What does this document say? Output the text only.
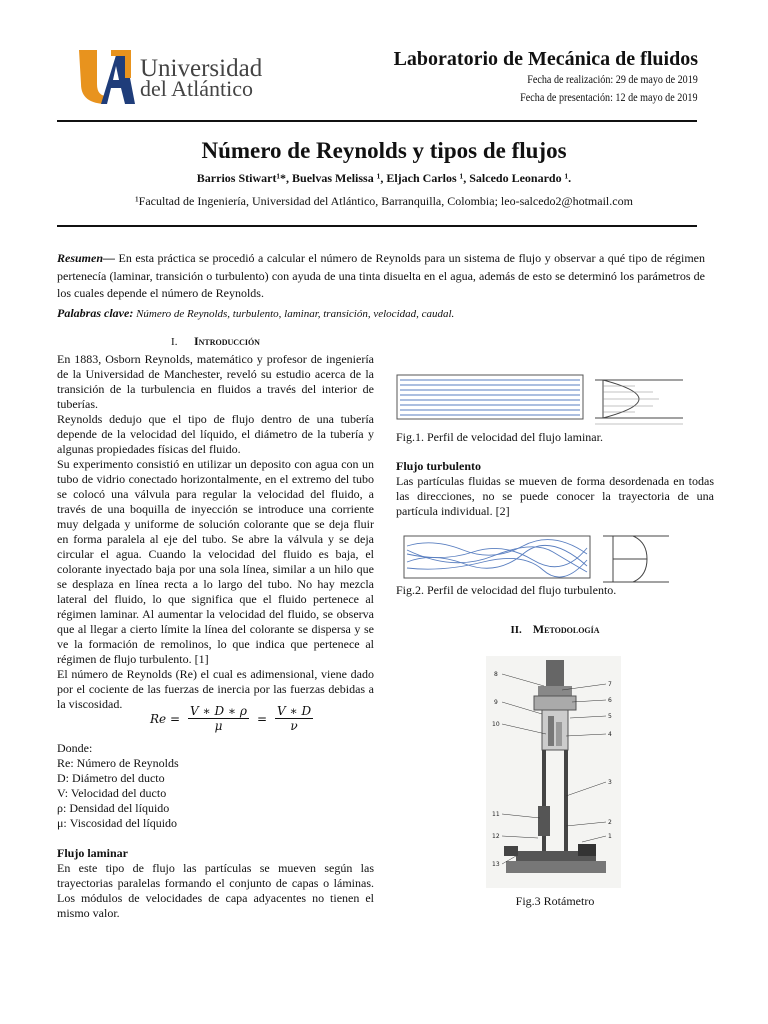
Universidad
del Atlántico
Laboratorio de Mecánica de fluidos
Fecha de realización: 29 de mayo de 2019
Fecha de presentación: 12 de mayo de 2019
Número de Reynolds y tipos de flujos
Barrios Stiwart¹*, Buelvas Melissa ¹, Eljach Carlos ¹, Salcedo Leonardo ¹.
¹Facultad de Ingeniería, Universidad del Atlántico, Barranquilla, Colombia; leo-salcedo2@hotmail.com
Resumen— En esta práctica se procedió a calcular el número de Reynolds para un sistema de flujo y observar a qué tipo de régimen pertenecía (laminar, transición o turbulento) con ayuda de una tinta disuelta en el agua, además de esto se determinó los parámetros de los cuales depende el número de Reynolds.
Palabras clave: Número de Reynolds, turbulento, laminar, transición, velocidad, caudal.
I. Introducción

En 1883, Osborn Reynolds, matemático y profesor de ingeniería de la Universidad de Manchester, reveló su estudio acerca de la transición de la turbulencia en fluidos a través del interior de tuberías.

Reynolds dedujo que el tipo de flujo dentro de una tubería depende de la velocidad del líquido, el diámetro de la tubería y algunas propiedades físicas del fluido.

Su experimento consistió en utilizar un deposito con agua con un tubo de vidrio conectado horizontalmente, en el extremo del tubo se colocó una válvula para regular la velocidad del fluido, a través de una boquilla de inyección se introduce una corriente muy delgada y uniforme de solución colorante que se deja fluir en forma paralela al eje del tubo. Se abre la válvula y se deja circular el agua. Cuando la velocidad del fluido es baja, el colorante inyectado baja por una sola línea, similar a un hilo que se desplaza en línea recta a lo largo del tubo. No hay mezcla lateral del fluido, lo que significa que el fluido pertenece al régimen laminar. Al aumentar la velocidad del fluido, se observa que al llegar a cierto límite la línea del colorante se dispersa y se ve la formación de remolinos, lo que indica que pertenece al régimen de flujo turbulento. [1]

El número de Reynolds (Re) el cual es adimensional, viene dado por el cociente de las fuerzas de inercia por las fuerzas debidas a la viscosidad.

$Re = \frac{V ∗ D ∗ \rho}{\mu} = \frac{V ∗ D}{\nu}$
Donde:
Re: Número de Reynolds
D: Diámetro del ducto
V: Velocidad del ducto
ρ: Densidad del líquido
μ: Viscosidad del líquido
Flujo laminar
En este tipo de flujo las partículas se mueven según las trayectorias paralelas formando el conjunto de capas o láminas. Los módulos de velocidades de capa adyacentes no tienen el mismo valor.
Fig.1. Perfil de velocidad del flujo laminar.
Flujo turbulento
Las partículas fluidas se mueven de forma desordenada en todas las direcciones, no se puede conocer la trayectoria de una partícula individual. [2]
Fig.2. Perfil de velocidad del flujo turbulento.
II. Metodología
8
9
10
11
12
13
7
6
5
4
3
2
1
Fig.3 Rotámetro
